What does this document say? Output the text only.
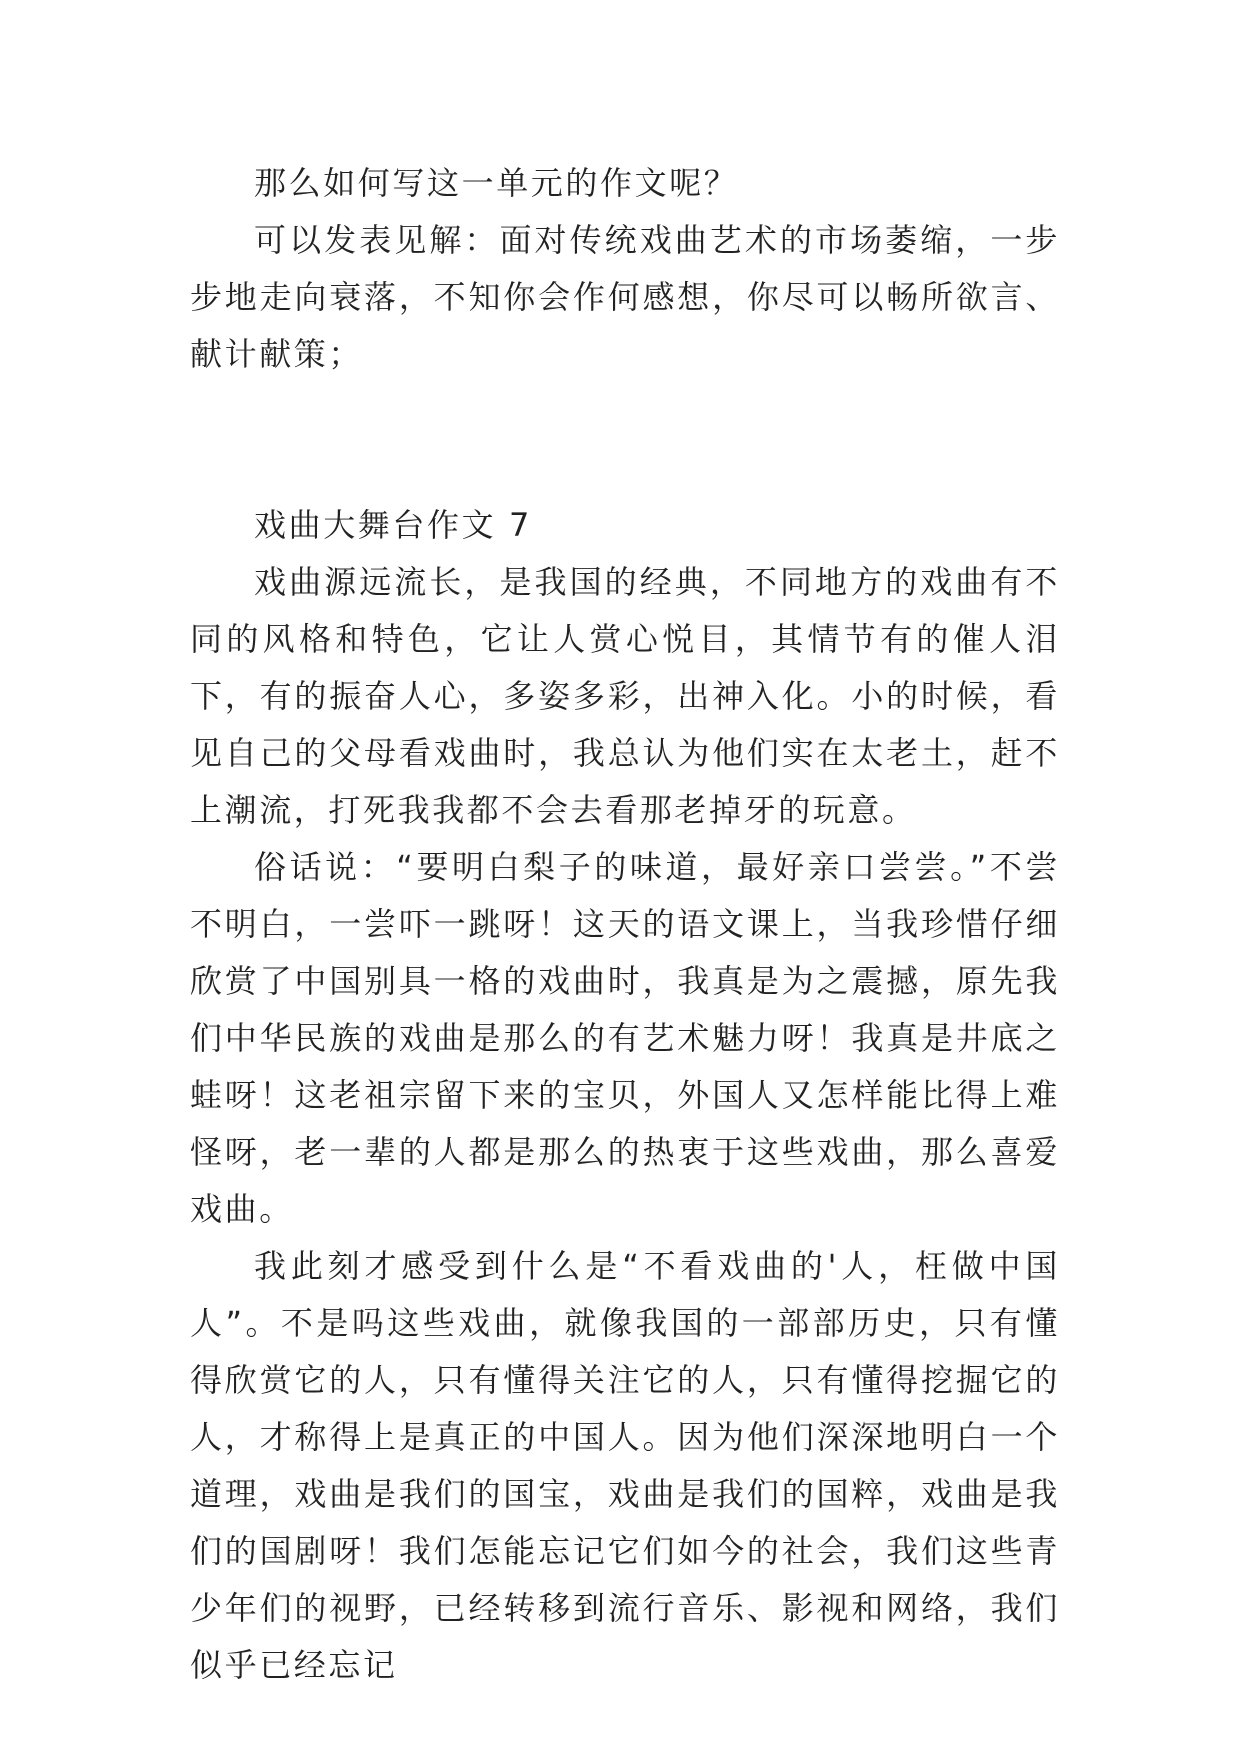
那么如何写这一单元的作文呢？

可以发表见解：面对传统戏曲艺术的市场萎缩，一步步地走向衰落，不知你会作何感想，你尽可以畅所欲言、献计献策；

戏曲大舞台作文 7

戏曲源远流长，是我国的经典，不同地方的戏曲有不同的风格和特色，它让人赏心悦目，其情节有的催人泪下，有的振奋人心，多姿多彩，出神入化。小的时候，看见自己的父母看戏曲时，我总认为他们实在太老土，赶不上潮流，打死我我都不会去看那老掉牙的玩意。

俗话说：“要明白梨子的味道，最好亲口尝尝。”不尝不明白，一尝吓一跳呀！这天的语文课上，当我珍惜仔细欣赏了中国别具一格的戏曲时，我真是为之震撼，原先我们中华民族的戏曲是那么的有艺术魅力呀！我真是井底之蛙呀！这老祖宗留下来的宝贝，外国人又怎样能比得上难怪呀，老一辈的人都是那么的热衷于这些戏曲，那么喜爱戏曲。

我此刻才感受到什么是“不看戏曲的'人，枉做中国人”。不是吗这些戏曲，就像我国的一部部历史，只有懂得欣赏它的人，只有懂得关注它的人，只有懂得挖掘它的人，才称得上是真正的中国人。因为他们深深地明白一个道理，戏曲是我们的国宝，戏曲是我们的国粹，戏曲是我们的国剧呀！我们怎能忘记它们如今的社会，我们这些青少年们的视野，已经转移到流行音乐、影视和网络，我们似乎已经忘记
